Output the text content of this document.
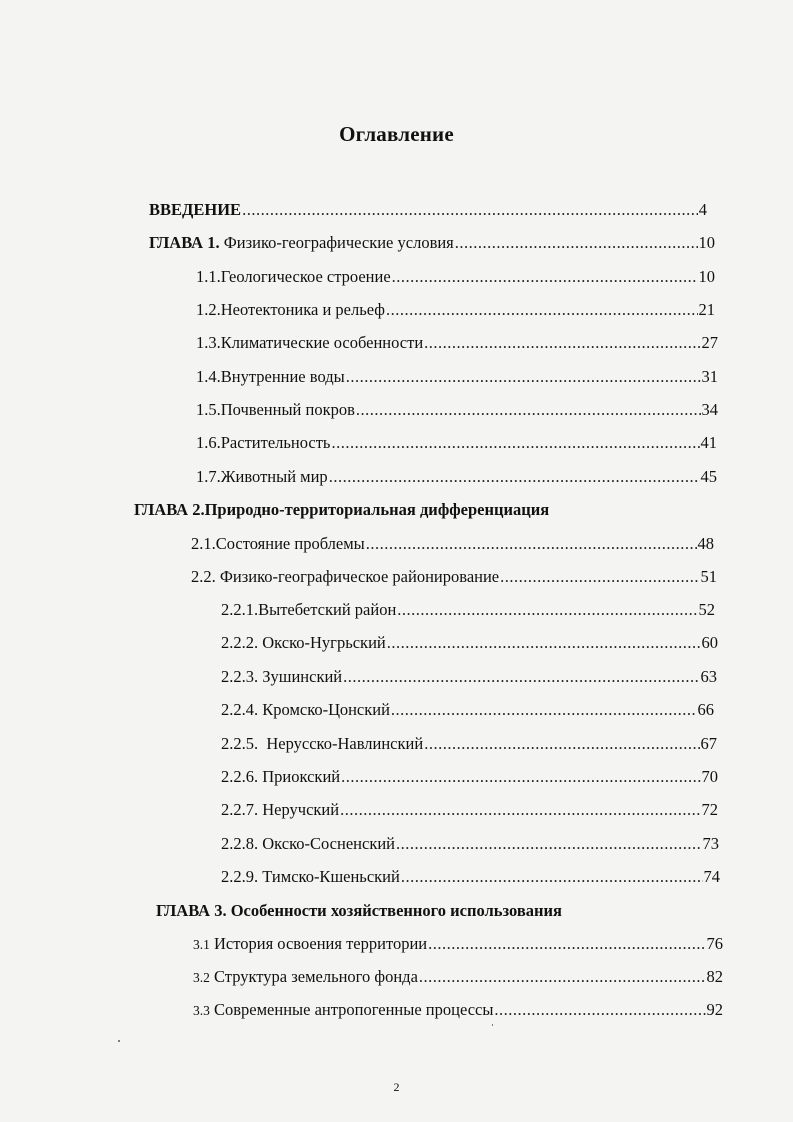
Оглавление
ВВЕДЕНИЕ .....	4
ГЛАВА 1. Физико-географические условия .....	10
1.1.Геологическое строение .....	10
1.2.Неотектоника и рельеф .....	21
1.3.Климатические особенности .....	27
1.4.Внутренние воды .....	31
1.5.Почвенный покров .....	34
1.6.Растительность .....	41
1.7.Животный мир .....	45
ГЛАВА 2.Природно-территориальная дифференциация
2.1.Состояние проблемы .....	48
2.2. Физико-географическое районирование .....	51
2.2.1.Вытебетский район .....	52
2.2.2. Окско-Нугрьский .....	60
2.2.3. Зушинский .....	63
2.2.4. Кромско-Цонский .....	66
2.2.5.  Нерусско-Навлинский .....	67
2.2.6. Приокский .....	70
2.2.7. Неручский .....	72
2.2.8. Окско-Сосненский .....	73
2.2.9. Тимско-Кшеньский .....	74
ГЛАВА 3. Особенности хозяйственного использования
3.1 История освоения территории .....	76
3.2 Структура земельного фонда .....	82
3.3 Современные антропогенные процессы .....	92
2
